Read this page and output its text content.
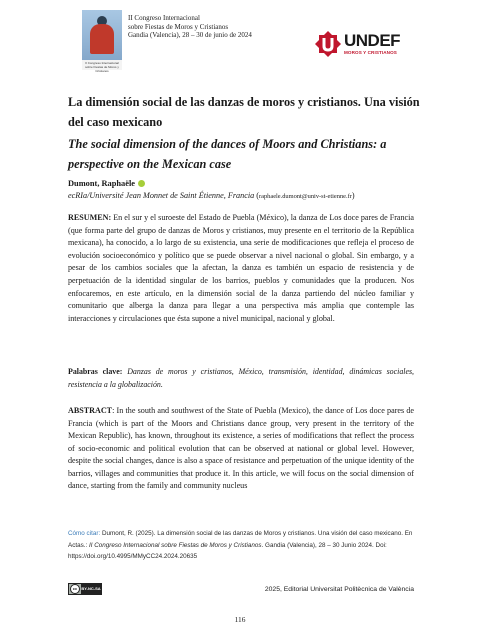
II Congreso Internacional sobre Fiestas de Moros y Cristianos
II Congreso Internacional
sobre Fiestas de Moros y Cristianos
Gandia (Valencia), 28 – 30 de junio de 2024	UNDEF
MOROS Y CRISTIANOS
La dimensión social de las danzas de moros y cristianos. Una visión del caso mexicano
The social dimension of the dances of Moors and Christians: a perspective on the Mexican case
Dumont, Raphaële
ecRIa/Université Jean Monnet de Saint Étienne, Francia (raphaele.dumont@univ-st-etienne.fr)
RESUMEN: En el sur y el suroeste del Estado de Puebla (México), la danza de Los doce pares de Francia (que forma parte del grupo de danzas de Moros y cristianos, muy presente en el territorio de la República mexicana), ha conocido, a lo largo de su existencia, una serie de modificaciones que refleja el proceso de evolución socioeconómico y político que se puede observar a nivel nacional o global. Sin embargo, y a pesar de los cambios sociales que la afectan, la danza es también un espacio de resistencia y de perpetuación de la identidad singular de los barrios, pueblos y comunidades que la producen. Nos enfocaremos, en este artículo, en la dimensión social de la danza partiendo del núcleo familiar y comunitario que alberga la danza para llegar a una perspectiva más amplia que contemple las interacciones y circulaciones que ésta supone a nivel municipal, nacional y global.
Palabras clave: Danzas de moros y cristianos, México, transmisión, identidad, dinámicas sociales, resistencia a la globalización.
ABSTRACT: In the south and southwest of the State of Puebla (Mexico), the dance of Los doce pares de Francia (which is part of the Moors and Christians dance group, very present in the territory of the Mexican Republic), has known, throughout its existence, a series of modifications that reflect the process of socio-economic and political evolution that can be observed at national or global level. However, despite the social changes, dance is also a space of resistance and perpetuation of the unique identity of the barrios, villages and communities that produce it. In this article, we will focus on the social dimension of dance, starting from the family and community nucleus
Cómo citar: Dumont, R. (2025). La dimensión social de las danzas de Moros y cristianos. Una visión del caso mexicano. En Actas.: II Congreso Internacional sobre Fiestas de Moros y Cristianos. Gandia (Valencia), 28 – 30 Junio 2024. Doi: https://doi.org/10.4995/MMyCC24.2024.20635
cc	BY-NC-SA	2025, Editorial Universitat Politècnica de València
116
